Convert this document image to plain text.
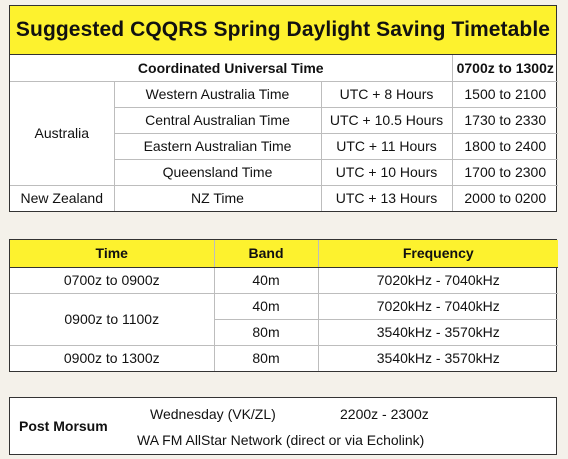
Suggested CQQRS Spring Daylight Saving Timetable
Coordinated Universal Time			0700z to 1300z
Australia	Western Australia Time	UTC + 8 Hours	1500 to 2100
	Central Australian Time	UTC + 10.5 Hours	1730 to 2330
	Eastern Australian Time	UTC + 11 Hours	1800 to 2400
	Queensland Time	UTC + 10 Hours	1700 to 2300
New Zealand	NZ Time	UTC + 13 Hours	2000 to 0200
Time	Band	Frequency
0700z to 0900z	40m	7020kHz - 7040kHz
0900z to 1100z	40m	7020kHz - 7040kHz
	80m	3540kHz - 3570kHz
0900z to 1300z	80m	3540kHz - 3570kHz
Post Morsum
Wednesday (VK/ZL)	2200z - 2300z
WA FM AllStar Network (direct or via Echolink)
